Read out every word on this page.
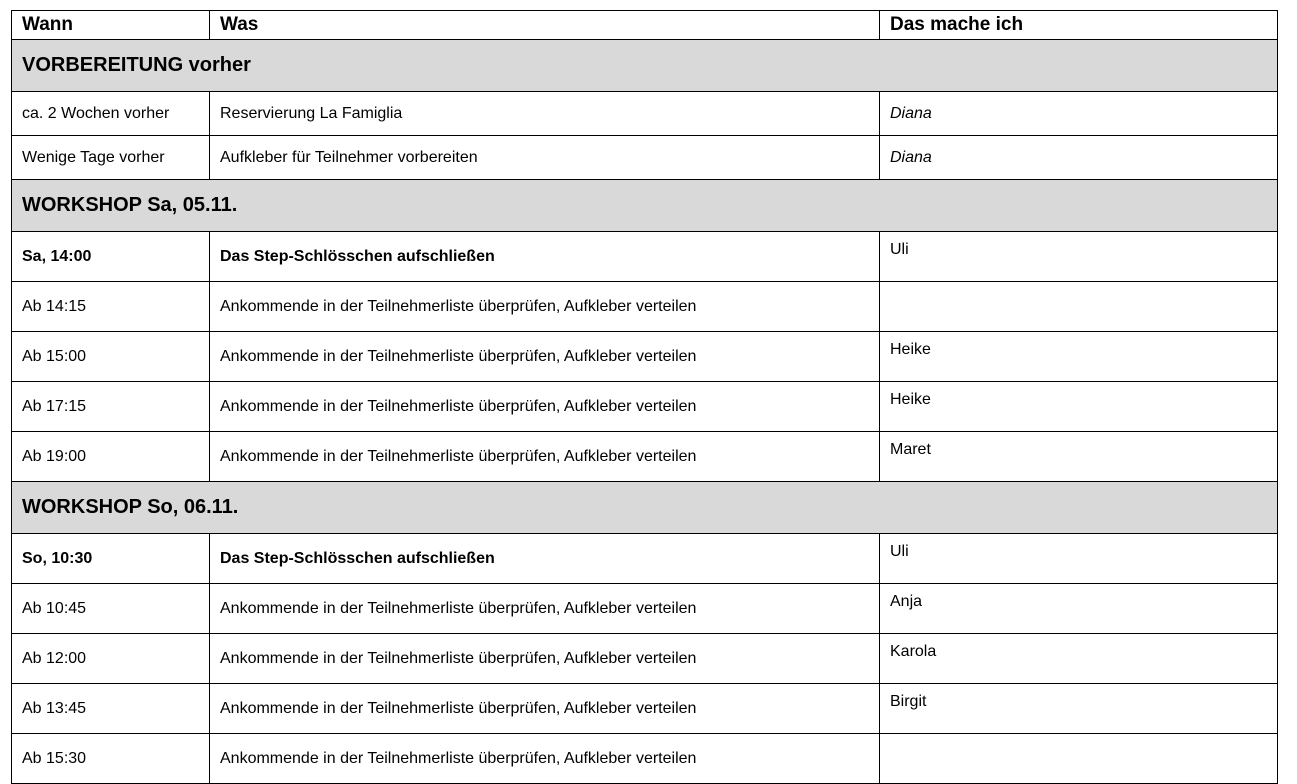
Wann	Was	Das mache ich
VORBEREITUNG vorher		
ca. 2 Wochen vorher	Reservierung La Famiglia	Diana
Wenige Tage vorher	Aufkleber für Teilnehmer vorbereiten	Diana
WORKSHOP Sa, 05.11.		
Sa, 14:00	Das Step-Schlösschen aufschließen	Uli
Ab 14:15	Ankommende in der Teilnehmerliste überprüfen, Aufkleber verteilen	
Ab 15:00	Ankommende in der Teilnehmerliste überprüfen, Aufkleber verteilen	Heike
Ab 17:15	Ankommende in der Teilnehmerliste überprüfen, Aufkleber verteilen	Heike
Ab 19:00	Ankommende in der Teilnehmerliste überprüfen, Aufkleber verteilen	Maret
WORKSHOP So, 06.11.		
So, 10:30	Das Step-Schlösschen aufschließen	Uli
Ab 10:45	Ankommende in der Teilnehmerliste überprüfen, Aufkleber verteilen	Anja
Ab 12:00	Ankommende in der Teilnehmerliste überprüfen, Aufkleber verteilen	Karola
Ab 13:45	Ankommende in der Teilnehmerliste überprüfen, Aufkleber verteilen	Birgit
Ab 15:30	Ankommende in der Teilnehmerliste überprüfen, Aufkleber verteilen	
